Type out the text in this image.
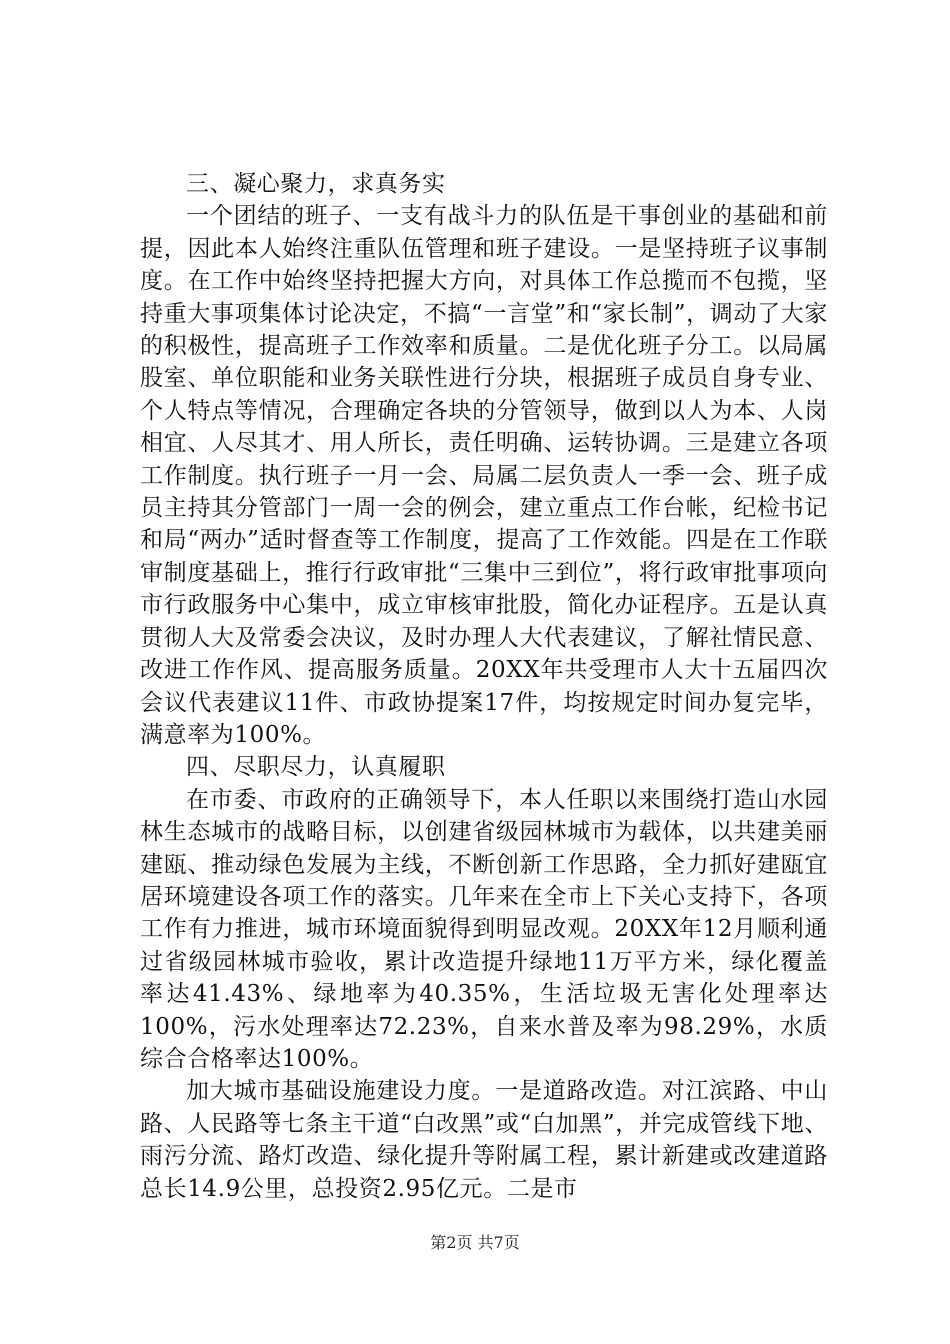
三、凝心聚力，求真务实

一个团结的班子、一支有战斗力的队伍是干事创业的基础和前提，因此本人始终注重队伍管理和班子建设。一是坚持班子议事制度。在工作中始终坚持把握大方向，对具体工作总揽而不包揽，坚持重大事项集体讨论决定，不搞“一言堂”和“家长制”，调动了大家的积极性，提高班子工作效率和质量。二是优化班子分工。以局属股室、单位职能和业务关联性进行分块，根据班子成员自身专业、个人特点等情况，合理确定各块的分管领导，做到以人为本、人岗相宜、人尽其才、用人所长，责任明确、运转协调。三是建立各项工作制度。执行班子一月一会、局属二层负责人一季一会、班子成员主持其分管部门一周一会的例会，建立重点工作台帐，纪检书记和局“两办”适时督查等工作制度，提高了工作效能。四是在工作联审制度基础上，推行行政审批“三集中三到位”，将行政审批事项向市行政服务中心集中，成立审核审批股，简化办证程序。五是认真贯彻人大及常委会决议，及时办理人大代表建议，了解社情民意、改进工作作风、提高服务质量。20XX年共受理市人大十五届四次会议代表建议11件、市政协提案17件，均按规定时间办复完毕，满意率为100%。

四、尽职尽力，认真履职

在市委、市政府的正确领导下，本人任职以来围绕打造山水园林生态城市的战略目标，以创建省级园林城市为载体，以共建美丽建瓯、推动绿色发展为主线，不断创新工作思路，全力抓好建瓯宜居环境建设各项工作的落实。几年来在全市上下关心支持下，各项工作有力推进，城市环境面貌得到明显改观。20XX年12月顺利通过省级园林城市验收，累计改造提升绿地11万平方米，绿化覆盖率达41.43%、绿地率为40.35%，生活垃圾无害化处理率达100%，污水处理率达72.23%，自来水普及率为98.29%，水质综合合格率达100%。

加大城市基础设施建设力度。一是道路改造。对江滨路、中山路、人民路等七条主干道“白改黑”或“白加黑”，并完成管线下地、雨污分流、路灯改造、绿化提升等附属工程，累计新建或改建道路总长14.9公里，总投资2.95亿元。二是市

第2页 共7页
